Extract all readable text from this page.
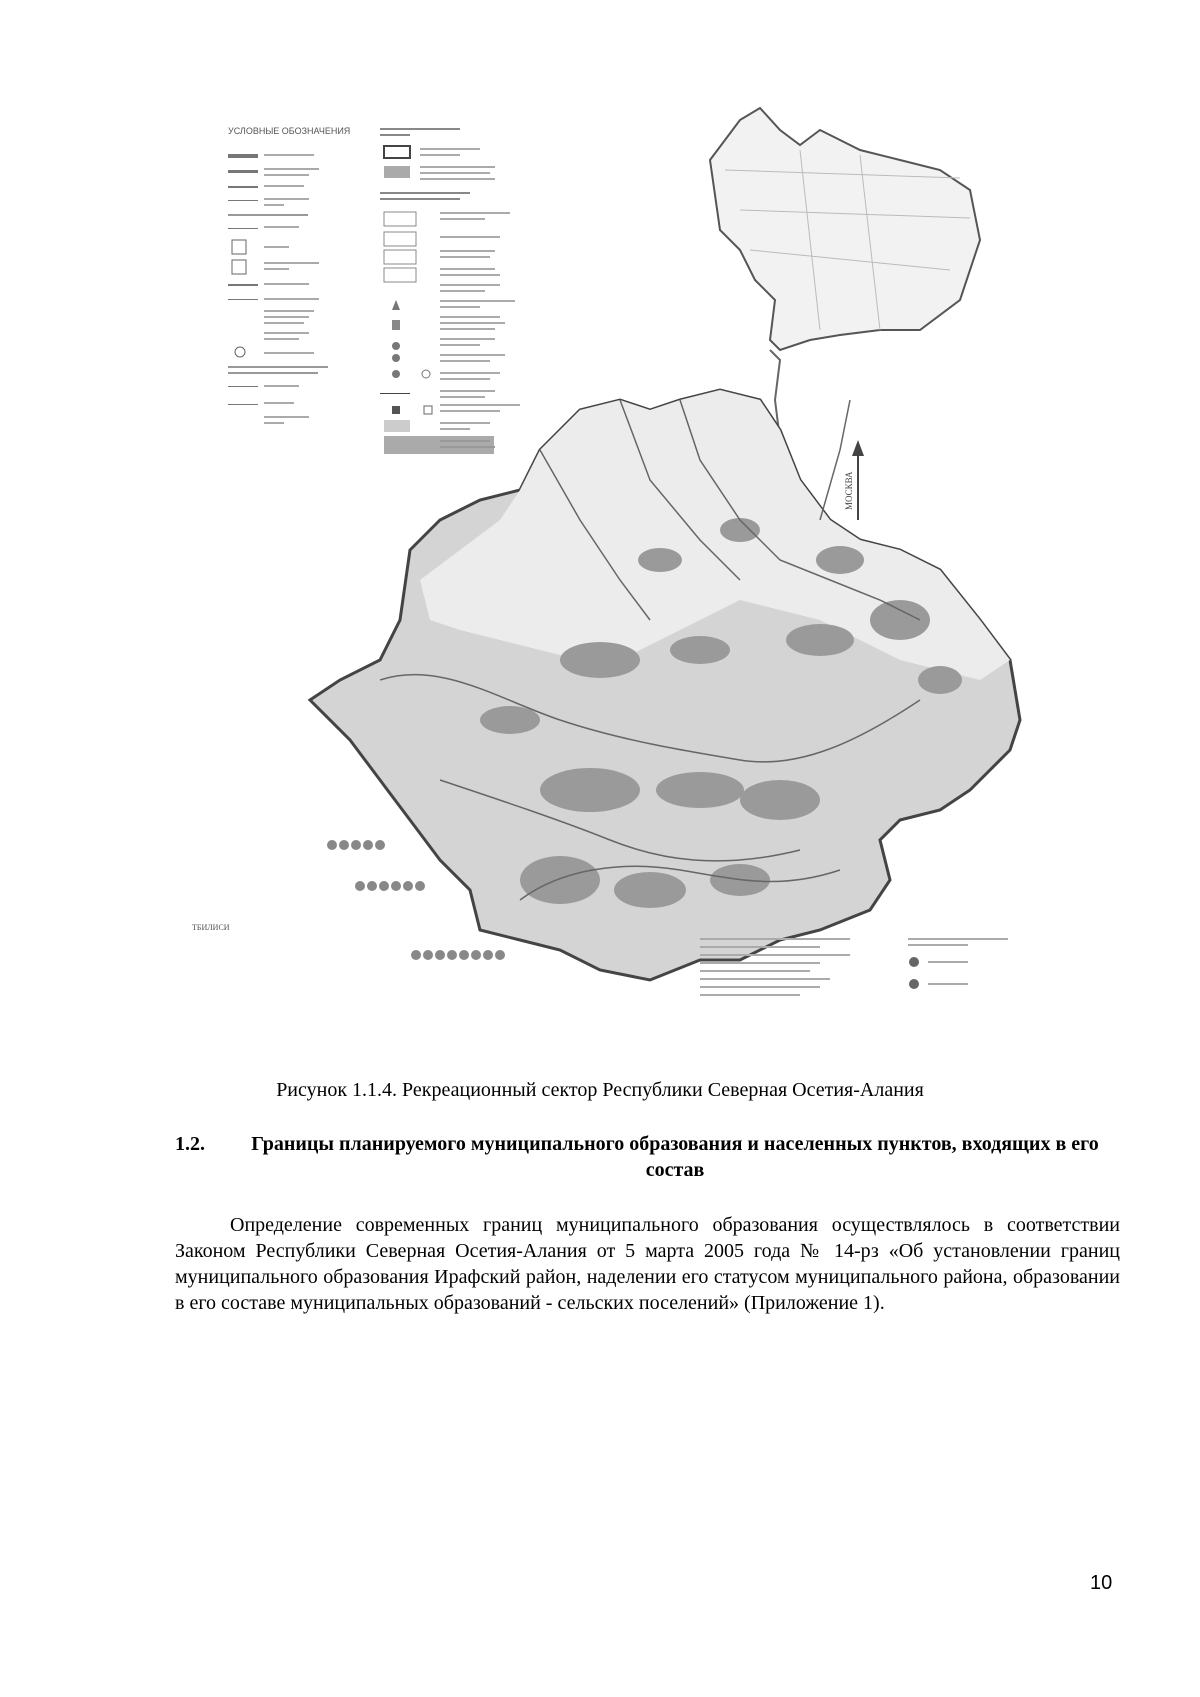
УСЛОВНЫЕ ОБОЗНАЧЕНИЯ
МОСКВА
ТБИЛИСИ
Рисунок 1.1.4. Рекреационный сектор Республики Северная Осетия-Алания
1.2.	Границы планируемого муниципального образования и населенных пунктов, входящих в его состав
Определение современных границ муниципального образования осуществлялось в соответствии Законом Республики Северная Осетия-Алания от 5 марта 2005 года № 14-рз «Об установлении границ муниципального образования Ирафский район, наделении его статусом муниципального района, образовании в его составе муниципальных образований - сельских поселений» (Приложение 1).
10
